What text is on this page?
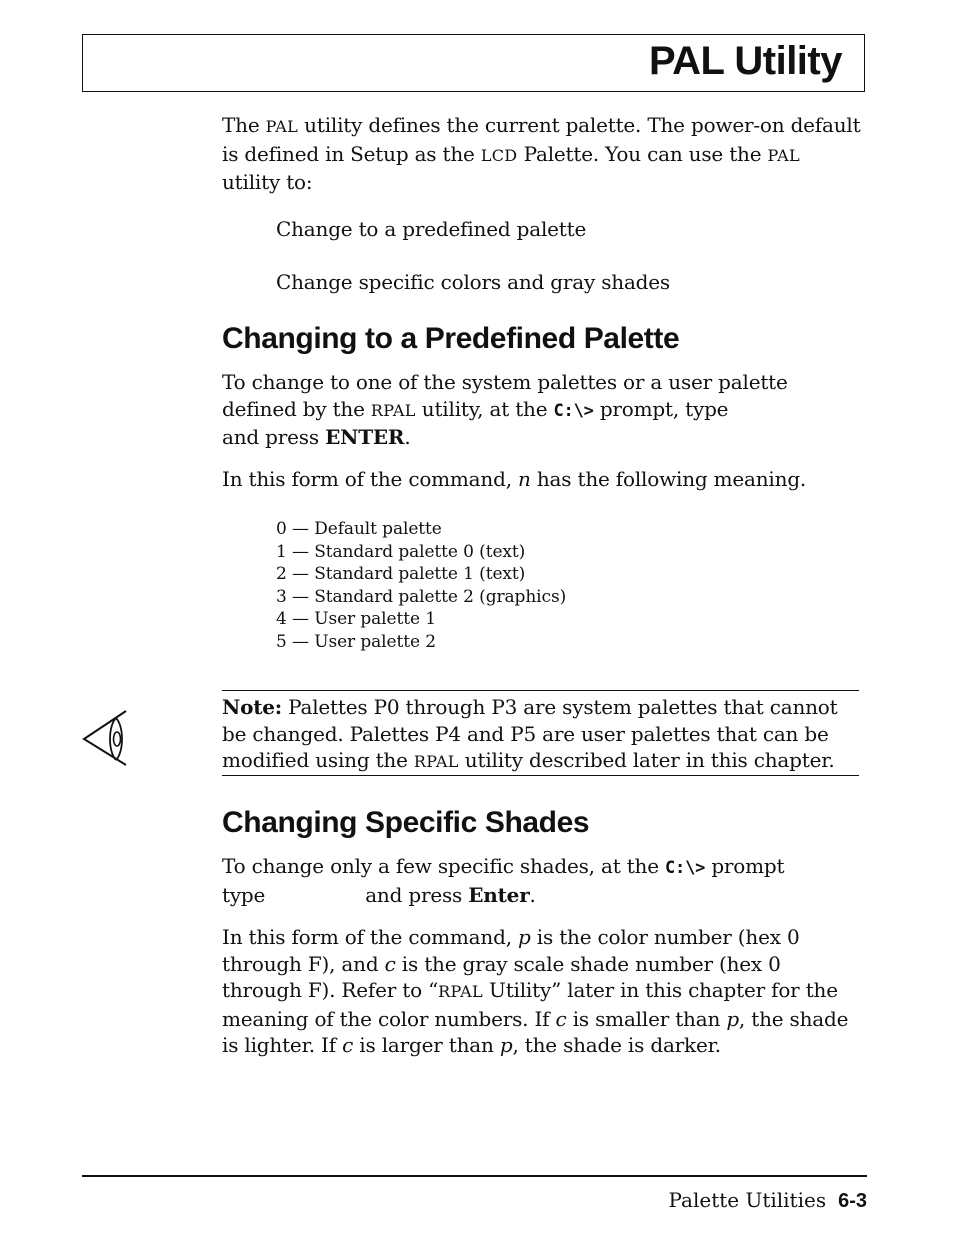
PAL Utility
The PAL utility defines the current palette. The power-on default is defined in Setup as the LCD Palette. You can use the PAL utility to:
Change to a predefined palette
Change specific colors and gray shades
Changing to a Predefined Palette
To change to one of the system palettes or a user palette defined by the RPAL utility, at the C:\> prompt, type
and press ENTER.
In this form of the command, n has the following meaning.
0 — Default palette
1 — Standard palette 0 (text)
2 — Standard palette 1 (text)
3 — Standard palette 2 (graphics)
4 — User palette 1
5 — User palette 2
Note: Palettes P0 through P3 are system palettes that cannot be changed. Palettes P4 and P5 are user palettes that can be modified using the RPAL utility described later in this chapter.
Changing Specific Shades
To change only a few specific shades, at the C:\> prompt
type	and press Enter.
In this form of the command, p is the color number (hex 0 through F), and c is the gray scale shade number (hex 0 through F). Refer to “RPAL Utility” later in this chapter for the meaning of the color numbers. If c is smaller than p, the shade is lighter. If c is larger than p, the shade is darker.
Palette Utilities 6-3
